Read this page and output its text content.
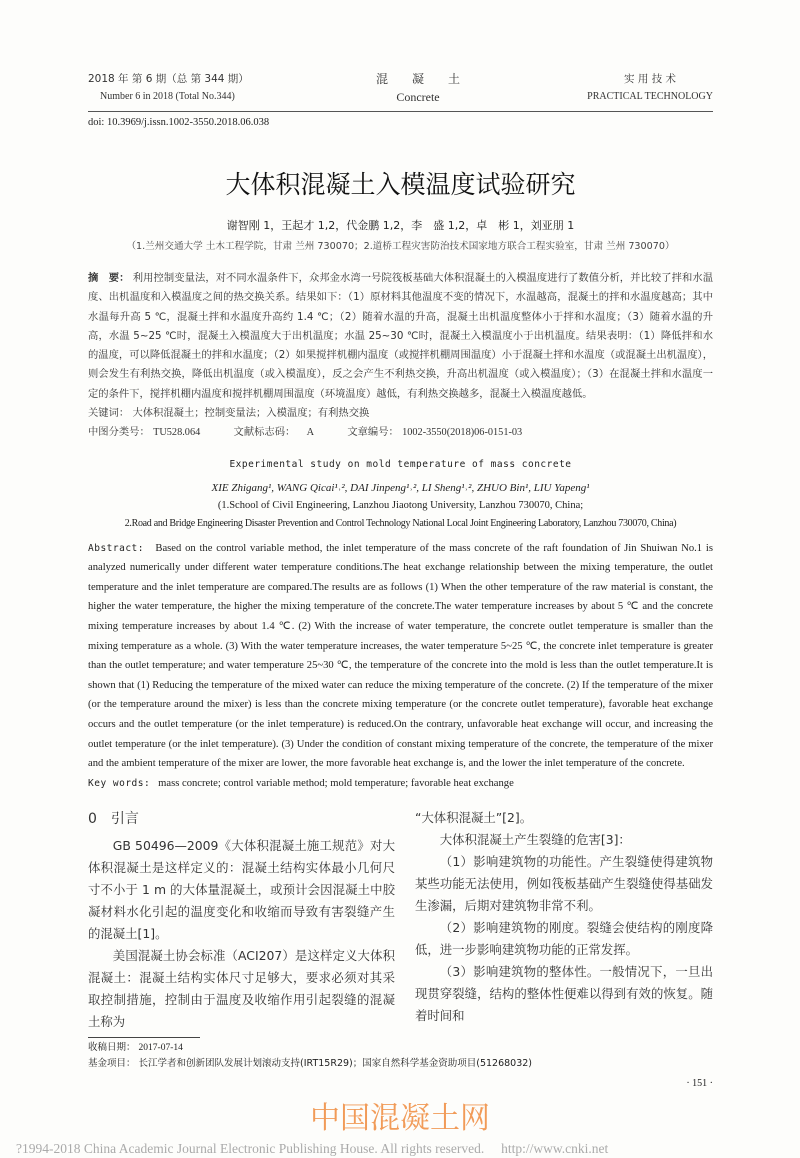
2018 年 第 6 期（总 第 344 期）
Number 6 in 2018 (Total No.344)
混　　凝　　土
Concrete
实 用 技 术
PRACTICAL TECHNOLOGY
doi: 10.3969/j.issn.1002-3550.2018.06.038
大体积混凝土入模温度试验研究
谢智刚 1，王起才 1,2，代金鹏 1,2，李　盛 1,2，卓　彬 1，刘亚朋 1
（1.兰州交通大学 土木工程学院，甘肃 兰州 730070；2.道桥工程灾害防治技术国家地方联合工程实验室，甘肃 兰州 730070）
摘　要： 利用控制变量法，对不同水温条件下，众邦金水湾一号院筏板基础大体积混凝土的入模温度进行了数值分析，并比较了拌和水温度、出机温度和入模温度之间的热交换关系。结果如下：（1）原材料其他温度不变的情况下，水温越高，混凝土的拌和水温度越高；其中水温每升高 5 ℃，混凝土拌和水温度升高约 1.4 ℃；（2）随着水温的升高，混凝土出机温度整体小于拌和水温度；（3）随着水温的升高，水温 5~25 ℃时，混凝土入模温度大于出机温度；水温 25~30 ℃时，混凝土入模温度小于出机温度。结果表明：（1）降低拌和水的温度，可以降低混凝土的拌和水温度；（2）如果搅拌机棚内温度（或搅拌机棚周围温度）小于混凝土拌和水温度（或混凝土出机温度），则会发生有利热交换，降低出机温度（或入模温度），反之会产生不利热交换，升高出机温度（或入模温度）；（3）在混凝土拌和水温度一定的条件下，搅拌机棚内温度和搅拌机棚周围温度（环境温度）越低，有利热交换越多，混凝土入模温度越低。
关键词： 大体积混凝土；控制变量法；入模温度；有利热交换
中图分类号： TU528.064	文献标志码： A	文章编号： 1002-3550(2018)06-0151-03
Experimental study on mold temperature of mass concrete
XIE Zhigang¹, WANG Qicai¹˒², DAI Jinpeng¹˒², LI Sheng¹˒², ZHUO Bin¹, LIU Yapeng¹
(1.School of Civil Engineering, Lanzhou Jiaotong University, Lanzhou 730070, China;
2.Road and Bridge Engineering Disaster Prevention and Control Technology National Local Joint Engineering Laboratory, Lanzhou 730070, China)
Abstract: Based on the control variable method, the inlet temperature of the mass concrete of the raft foundation of Jin Shuiwan No.1 is analyzed numerically under different water temperature conditions.The heat exchange relationship between the mixing temperature, the outlet temperature and the inlet temperature are compared.The results are as follows (1) When the other temperature of the raw material is constant, the higher the water temperature, the higher the mixing temperature of the concrete.The water temperature increases by about 5 ℃ and the concrete mixing temperature increases by about 1.4 ℃. (2) With the increase of water temperature, the concrete outlet temperature is smaller than the mixing temperature as a whole. (3) With the water temperature increases, the water temperature 5~25 ℃, the concrete inlet temperature is greater than the outlet temperature; and water temperature 25~30 ℃, the temperature of the concrete into the mold is less than the outlet temperature.It is shown that (1) Reducing the temperature of the mixed water can reduce the mixing temperature of the concrete. (2) If the temperature of the mixer (or the temperature around the mixer) is less than the concrete mixing temperature (or the concrete outlet temperature), favorable heat exchange occurs and the outlet temperature (or the inlet temperature) is reduced.On the contrary, unfavorable heat exchange will occur, and increasing the outlet temperature (or the inlet temperature). (3) Under the condition of constant mixing temperature of the concrete, the temperature of the mixer and the ambient temperature of the mixer are lower, the more favorable heat exchange is, and the lower the inlet temperature of the concrete.
Key words: mass concrete; control variable method; mold temperature; favorable heat exchange
0　引言

GB 50496—2009《大体积混凝土施工规范》对大体积混凝土是这样定义的：混凝土结构实体最小几何尺寸不小于 1 m 的大体量混凝土，或预计会因混凝土中胶凝材料水化引起的温度变化和收缩而导致有害裂缝产生的混凝土[1]。

美国混凝土协会标准（ACI207）是这样定义大体积混凝土：混凝土结构实体尺寸足够大，要求必须对其采取控制措施，控制由于温度及收缩作用引起裂缝的混凝土称为

“大体积混凝土”[2]。

大体积混凝土产生裂缝的危害[3]：

（1）影响建筑物的功能性。产生裂缝使得建筑物某些功能无法使用，例如筏板基础产生裂缝使得基础发生渗漏，后期对建筑物非常不利。

（2）影响建筑物的刚度。裂缝会使结构的刚度降低，进一步影响建筑物功能的正常发挥。

（3）影响建筑物的整体性。一般情况下，一旦出现贯穿裂缝，结构的整体性便难以得到有效的恢复。随着时间和

收稿日期： 2017-07-14
基金项目： 长江学者和创新团队发展计划滚动支持(IRT15R29)；国家自然科学基金资助项目(51268032)
· 151 ·
中国混凝土网
?1994-2018 China Academic Journal Electronic Publishing House. All rights reserved.　 http://www.cnki.net
